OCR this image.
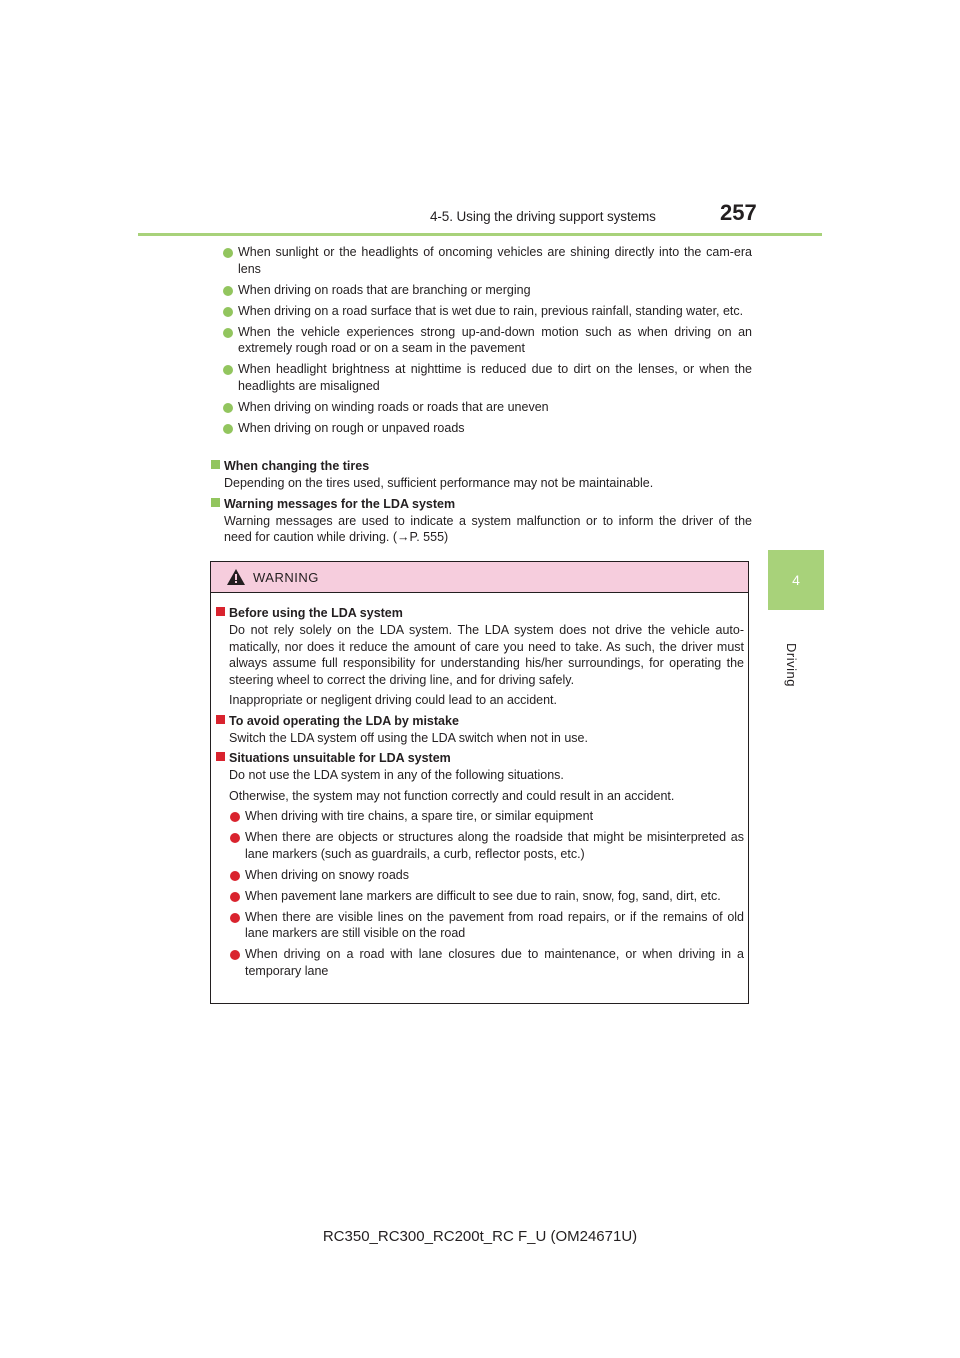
4-5. Using the driving support systems	257
4
Driving
When sunlight or the headlights of oncoming vehicles are shining directly into the cam-era lens
When driving on roads that are branching or merging
When driving on a road surface that is wet due to rain, previous rainfall, standing water, etc.
When the vehicle experiences strong up-and-down motion such as when driving on an extremely rough road or on a seam in the pavement
When headlight brightness at nighttime is reduced due to dirt on the lenses, or when the headlights are misaligned
When driving on winding roads or roads that are uneven
When driving on rough or unpaved roads
When changing the tires
Depending on the tires used, sufficient performance may not be maintainable.
Warning messages for the LDA system
Warning messages are used to indicate a system malfunction or to inform the driver of the need for caution while driving. (→P. 555)
WARNING
Before using the LDA system
Do not rely solely on the LDA system. The LDA system does not drive the vehicle auto-matically, nor does it reduce the amount of care you need to take. As such, the driver must always assume full responsibility for understanding his/her surroundings, for operating the steering wheel to correct the driving line, and for driving safely.
Inappropriate or negligent driving could lead to an accident.
To avoid operating the LDA by mistake
Switch the LDA system off using the LDA switch when not in use.
Situations unsuitable for LDA system
Do not use the LDA system in any of the following situations.
Otherwise, the system may not function correctly and could result in an accident.
When driving with tire chains, a spare tire, or similar equipment
When there are objects or structures along the roadside that might be misinterpreted as lane markers (such as guardrails, a curb, reflector posts, etc.)
When driving on snowy roads
When pavement lane markers are difficult to see due to rain, snow, fog, sand, dirt, etc.
When there are visible lines on the pavement from road repairs, or if the remains of old lane markers are still visible on the road
When driving on a road with lane closures due to maintenance, or when driving in a temporary lane
RC350_RC300_RC200t_RC F_U (OM24671U)
